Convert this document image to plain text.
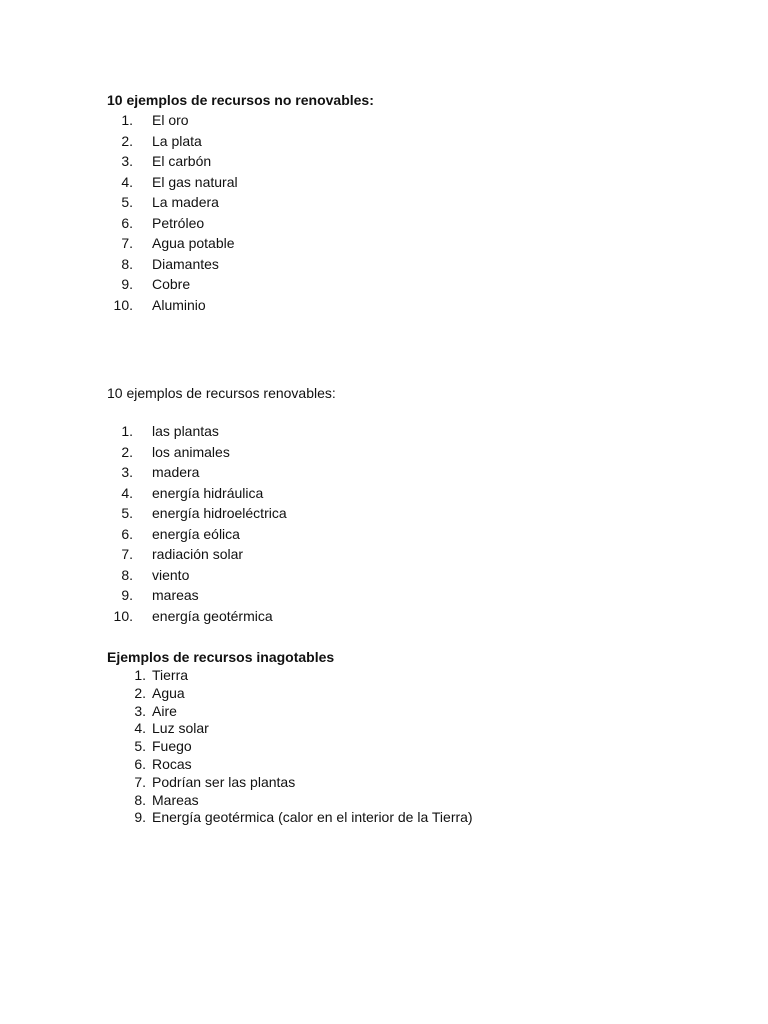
10 ejemplos de recursos no renovables:

1. El oro
2. La plata
3. El carbón
4. El gas natural
5. La madera
6. Petróleo
7. Agua potable
8. Diamantes
9. Cobre
10. Aluminio

10 ejemplos de recursos renovables:

1. las plantas
2. los animales
3. madera
4. energía hidráulica
5. energía hidroeléctrica
6. energía eólica
7. radiación solar
8. viento
9. mareas
10. energía geotérmica

Ejemplos de recursos inagotables

1. Tierra
2. Agua
3. Aire
4. Luz solar
5. Fuego
6. Rocas
7. Podrían ser las plantas
8. Mareas
9. Energía geotérmica (calor en el interior de la Tierra)
